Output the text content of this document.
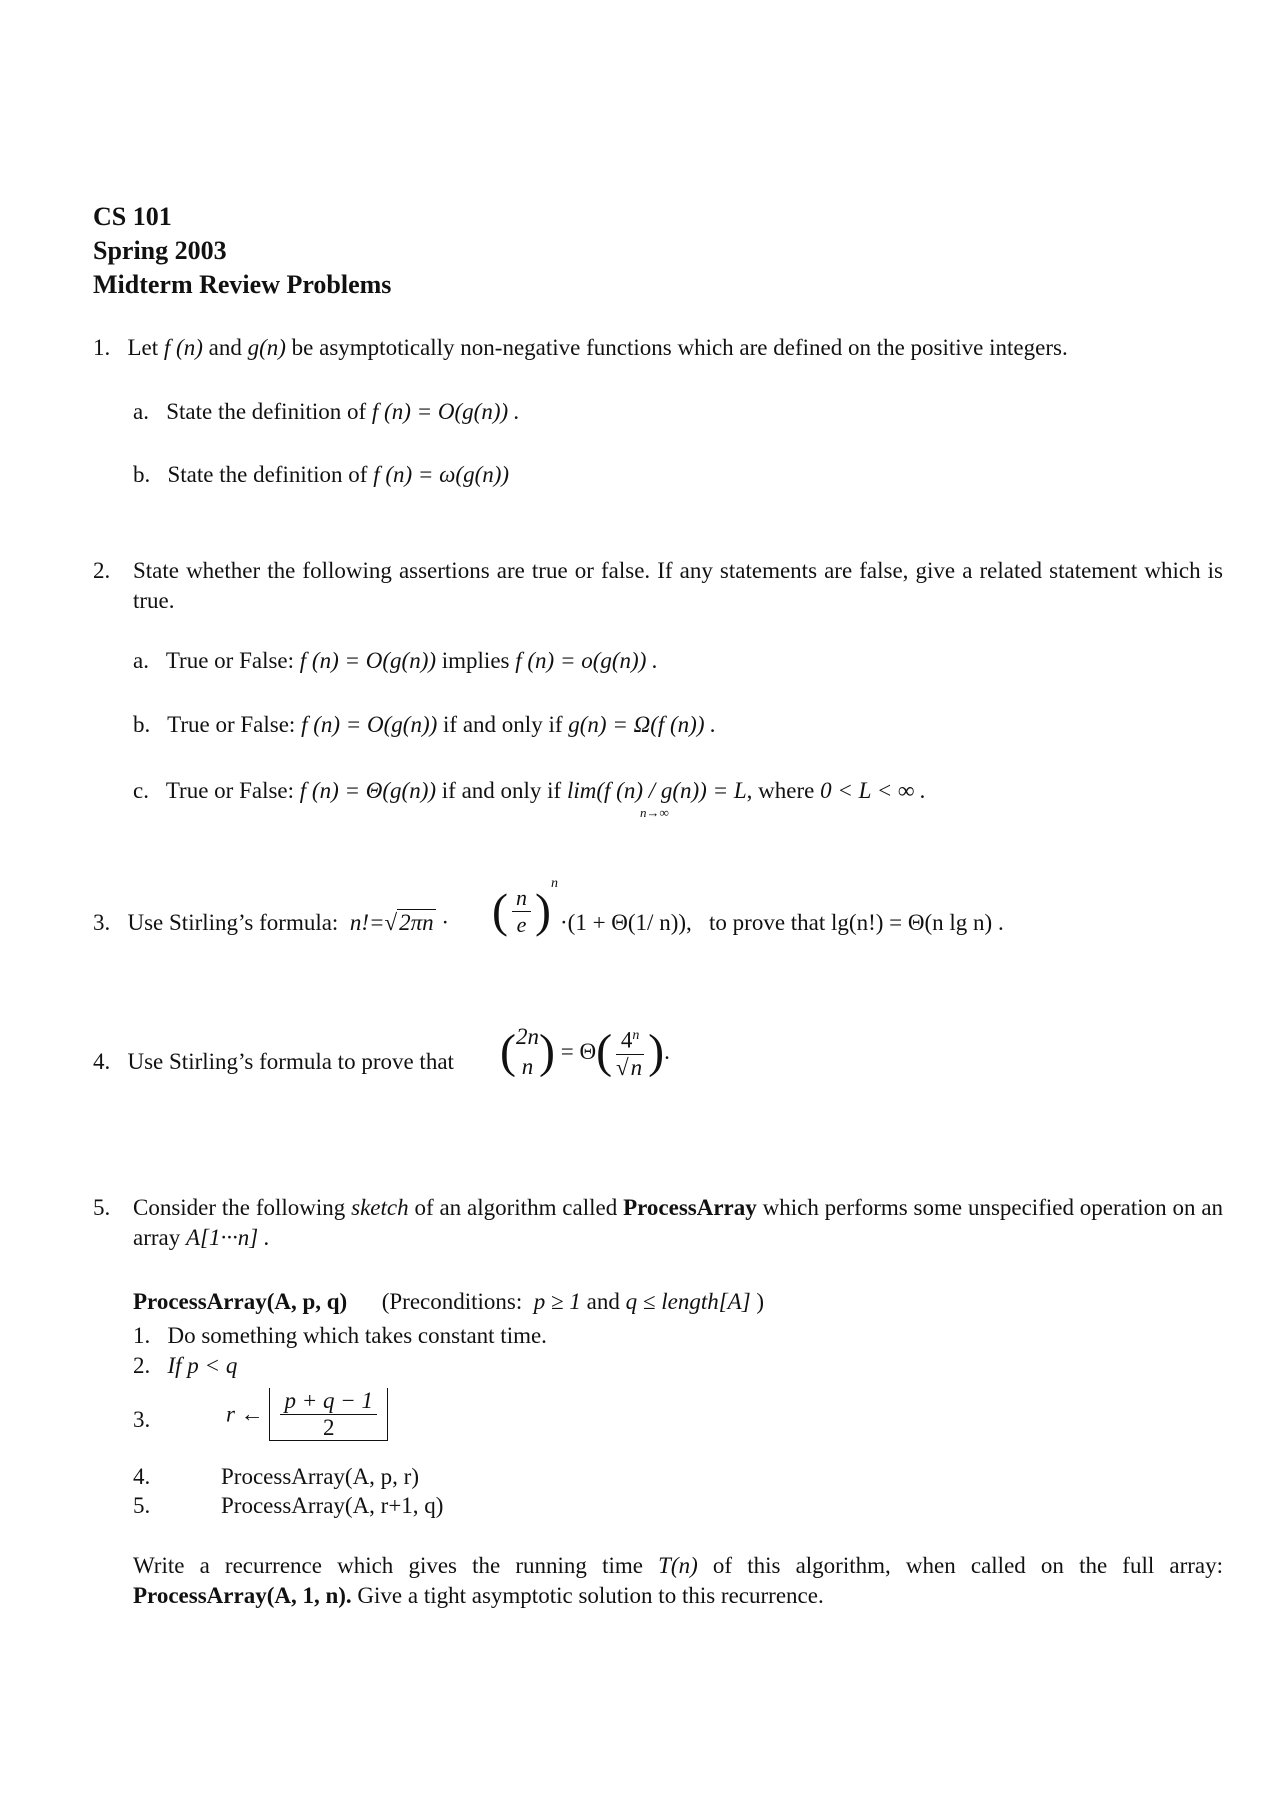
CS 101
Spring 2003
Midterm Review Problems
1. Let f (n) and g(n) be asymptotically non-negative functions which are defined on the positive integers.
a. State the definition of f (n) = O(g(n)) .
b. State the definition of f (n) = ω(g(n))
2. State whether the following assertions are true or false. If any statements are false, give a related statement which is true.
a. True or False: f (n) = O(g(n)) implies f (n) = o(g(n)) .
b. True or False: f (n) = O(g(n)) if and only if g(n) = Ω(f (n)) .
c. True or False: f (n) = Θ(g(n)) if and only if lim(f (n) / g(n)) = L, where 0 < L < ∞ .
n→∞
3. Use Stirling’s formula: n!=√2πn · ( $\frac{n}{e} )n$
·(1 + Θ(1/ n)), to prove that lg(n!) = Θ(n lg n) .
4. Use Stirling’s formula to prove that ( 2n
n ) = $\Theta( \frac{4^n}{√n}$ ).
5. Consider the following sketch of an algorithm called ProcessArray which performs some unspecified operation on an array A[1···n] .
ProcessArray(A, p, q) (Preconditions: p ≥ 1 and q ≤ length[A] )
1. Do something which takes constant time.
2. If p < q
3.	r ← $\frac{p + q - 1}{2}$
4.	ProcessArray(A, p, r)
5.	ProcessArray(A, r+1, q)
Write a recurrence which gives the running time T(n) of this algorithm, when called on the full array: ProcessArray(A, 1, n). Give a tight asymptotic solution to this recurrence.
